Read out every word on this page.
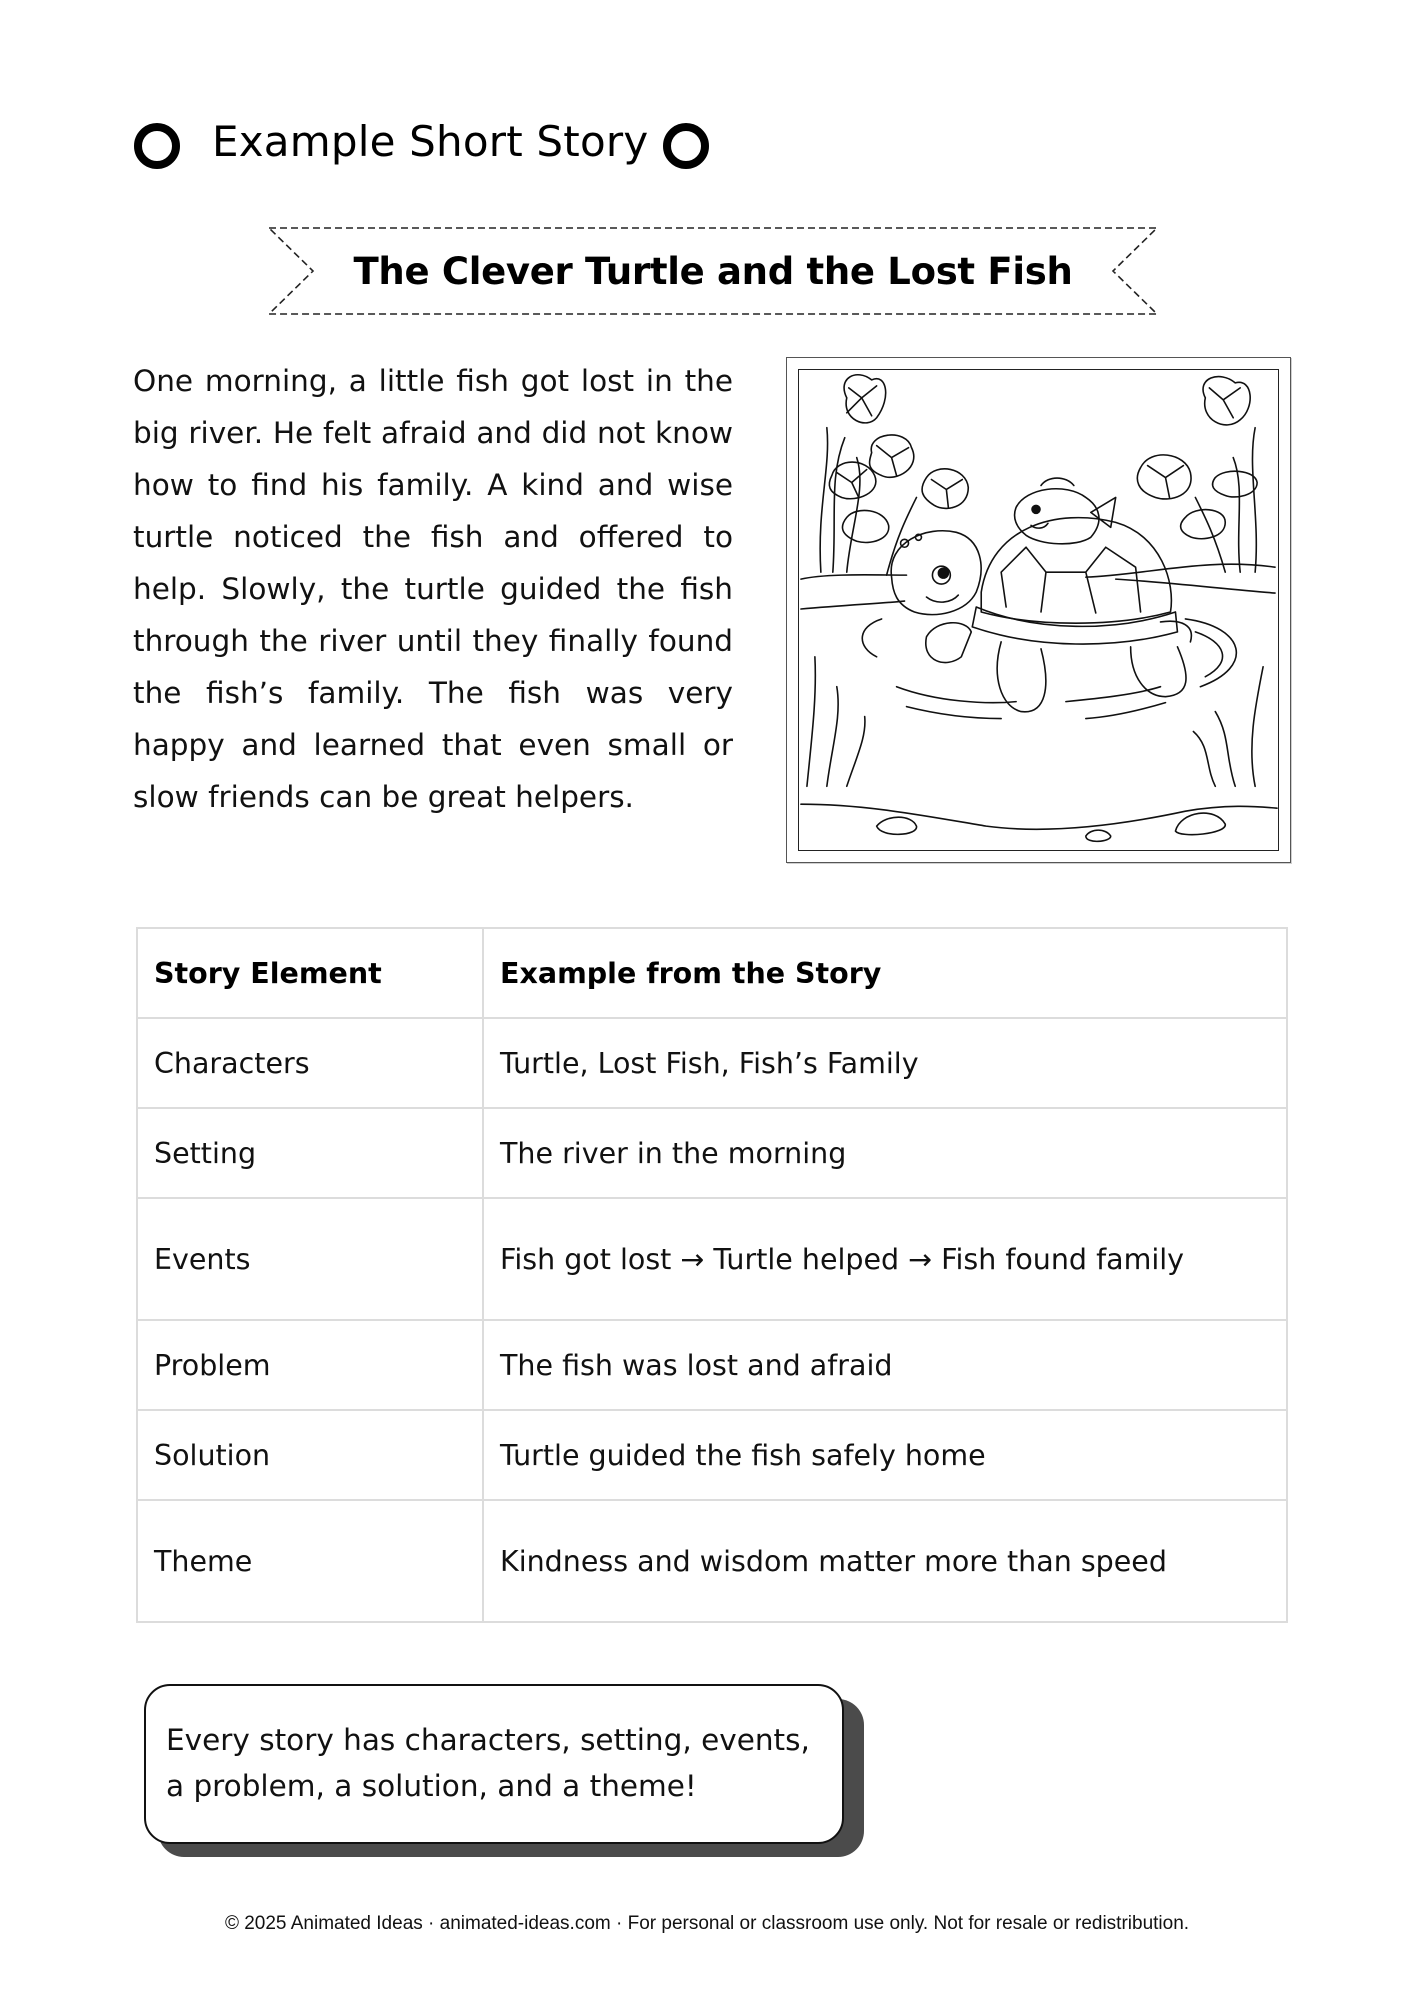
Example Short Story
The Clever Turtle and the Lost Fish

One morning, a little fish got lost in the big river. He felt afraid and did not know how to find his family. A kind and wise turtle noticed the fish and offered to help. Slowly, the turtle guided the fish through the river until they finally found the fish’s family. The fish was very happy and learned that even small or slow friends can be great helpers.

Story Element	Example from the Story
Characters	Turtle, Lost Fish, Fish’s Family
Setting	The river in the morning
Events	Fish got lost → Turtle helped → Fish found family
Problem	The fish was lost and afraid
Solution	Turtle guided the fish safely home
Theme	Kindness and wisdom matter more than speed
Every story has characters, setting, events,
a problem, a solution, and a theme!
© 2025 Animated Ideas · animated-ideas.com · For personal or classroom use only. Not for resale or redistribution.
